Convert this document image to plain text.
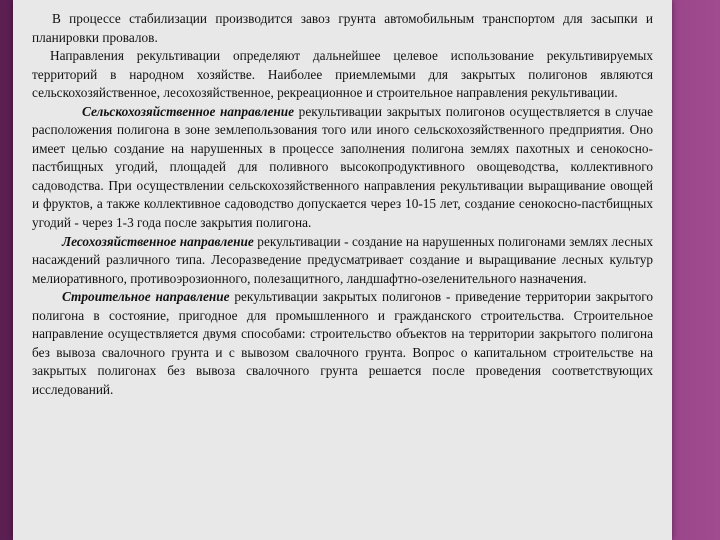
В процессе стабилизации производится завоз грунта автомобильным транспортом для засыпки и планировки провалов.

Направления рекультивации определяют дальнейшее целевое использование рекультивируемых территорий в народном хозяйстве. Наиболее приемлемыми для закрытых полигонов являются сельскохозяйственное, лесохозяйственное, рекреационное и строительное направления рекультивации.

Сельскохозяйственное направление рекультивации закрытых полигонов осуществляется в случае расположения полигона в зоне землепользования того или иного сельскохозяйственного предприятия. Оно имеет целью создание на нарушенных в процессе заполнения полигона землях пахотных и сенокосно-пастбищных угодий, площадей для поливного высокопродуктивного овощеводства, коллективного садоводства. При осуществлении сельскохозяйственного направления рекультивации выращивание овощей и фруктов, а также коллективное садоводство допускается через 10-15 лет, создание сенокосно-пастбищных угодий - через 1-3 года после закрытия полигона.

Лесохозяйственное направление рекультивации - создание на нарушенных полигонами землях лесных насаждений различного типа. Лесоразведение предусматривает создание и выращивание лесных культур мелиоративного, противоэрозионного, полезащитного, ландшафтно-озеленительного назначения.

Строительное направление рекультивации закрытых полигонов - приведение территории закрытого полигона в состояние, пригодное для промышленного и гражданского строительства. Строительное направление осуществляется двумя способами: строительство объектов на территории закрытого полигона без вывоза свалочного грунта и с вывозом свалочного грунта. Вопрос о капитальном строительстве на закрытых полигонах без вывоза свалочного грунта решается после проведения соответствующих исследований.
